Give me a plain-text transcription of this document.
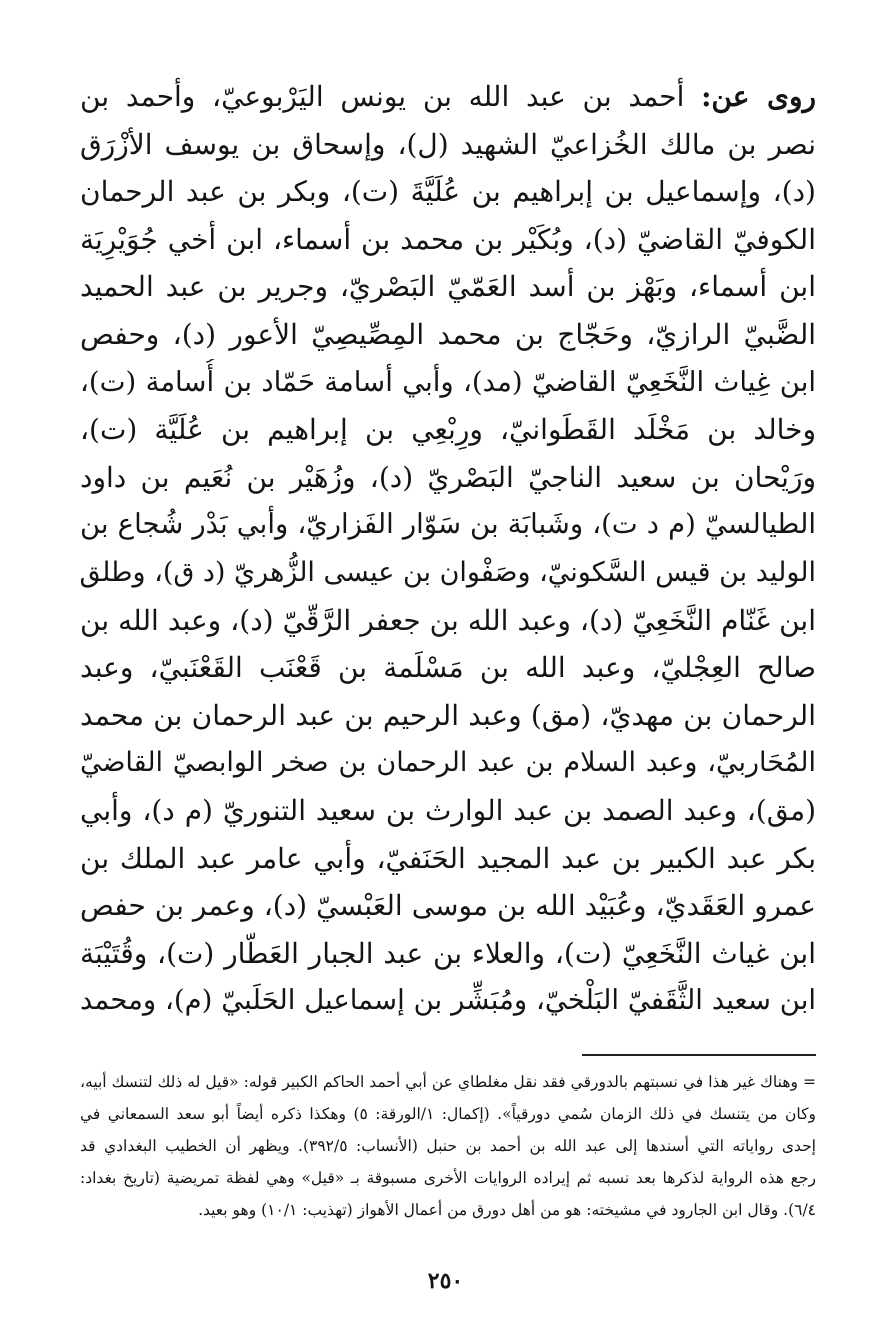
روى عن: أحمد بن عبد الله بن يونس اليَرْبوعيّ، وأحمد بن
نصر بن مالك الخُزاعيّ الشهيد (ل)، وإسحاق بن يوسف الأزْرَق
(د)، وإسماعيل بن إبراهيم بن عُلَيَّةَ (ت)، وبكر بن عبد الرحمان
الكوفيّ القاضيّ (د)، وبُكَيْر بن محمد بن أسماء، ابن أخي جُوَيْرِيَة
ابن أسماء، وبَهْز بن أسد العَمّيّ البَصْريّ، وجرير بن عبد الحميد
الضَّبيّ الرازيّ، وحَجّاج بن محمد المِصِّيصِيّ الأعور (د)، وحفص
ابن غِياث النَّخَعِيّ القاضيّ (مد)، وأبي أسامة حَمّاد بن أُسامة (ت)،
وخالد بن مَخْلَد القَطَوانيّ، ورِبْعِي بن إبراهيم بن عُلَيَّة (ت)،
ورَيْحان بن سعيد الناجيّ البَصْريّ (د)، وزُهَيْر بن نُعَيم بن داود
الطيالسيّ (م د ت)، وشَبابَة بن سَوّار الفَزاريّ، وأبي بَدْر شُجاع بن
الوليد بن قيس السَّكونيّ، وصَفْوان بن عيسى الزُّهريّ (د ق)، وطلق
ابن غَنّام النَّخَعِيّ (د)، وعبد الله بن جعفر الرَّقّيّ (د)، وعبد الله بن
صالح العِجْليّ، وعبد الله بن مَسْلَمة بن قَعْنَب القَعْنَبيّ، وعبد
الرحمان بن مهديّ، (مق) وعبد الرحيم بن عبد الرحمان بن محمد
المُحَاربيّ، وعبد السلام بن عبد الرحمان بن صخر الوابصيّ القاضيّ
(مق)، وعبد الصمد بن عبد الوارث بن سعيد التنوريّ (م د)، وأبي
بكر عبد الكبير بن عبد المجيد الحَنَفيّ، وأبي عامر عبد الملك بن
عمرو العَقَديّ، وعُبَيْد الله بن موسى العَبْسيّ (د)، وعمر بن حفص
ابن غياث النَّخَعِيّ (ت)، والعلاء بن عبد الجبار العَطّار (ت)، وقُتَيْبَة
ابن سعيد الثَّقَفيّ البَلْخيّ، ومُبَشِّر بن إسماعيل الحَلَبيّ (م)، ومحمد
= وهناك غير هذا في نسبتهم بالدورقي فقد نقل مغلطاي عن أبي أحمد الحاكم الكبير قوله: «قيل له ذلك لتنسك أبيه،
وكان من يتنسك في ذلك الزمان سُمي دورقياً». (إكمال: ١/الورقة: ٥) وهكذا ذكره أيضاً أبو سعد السمعاني في
إحدى رواياته التي أسندها إلى عبد الله بن أحمد بن حنبل (الأنساب: ٣٩٢/٥). ويظهر أن الخطيب البغدادي قد
رجع هذه الرواية لذكرها بعد نسبه ثم إيراده الروايات الأخرى مسبوقة بـ «قيل» وهي لفظة تمريضية (تاريخ بغداد:
٦/٤). وقال ابن الجارود في مشيخته: هو من أهل دورق من أعمال الأهواز (تهذيب: ١٠/١) وهو بعيد.
٢٥٠
